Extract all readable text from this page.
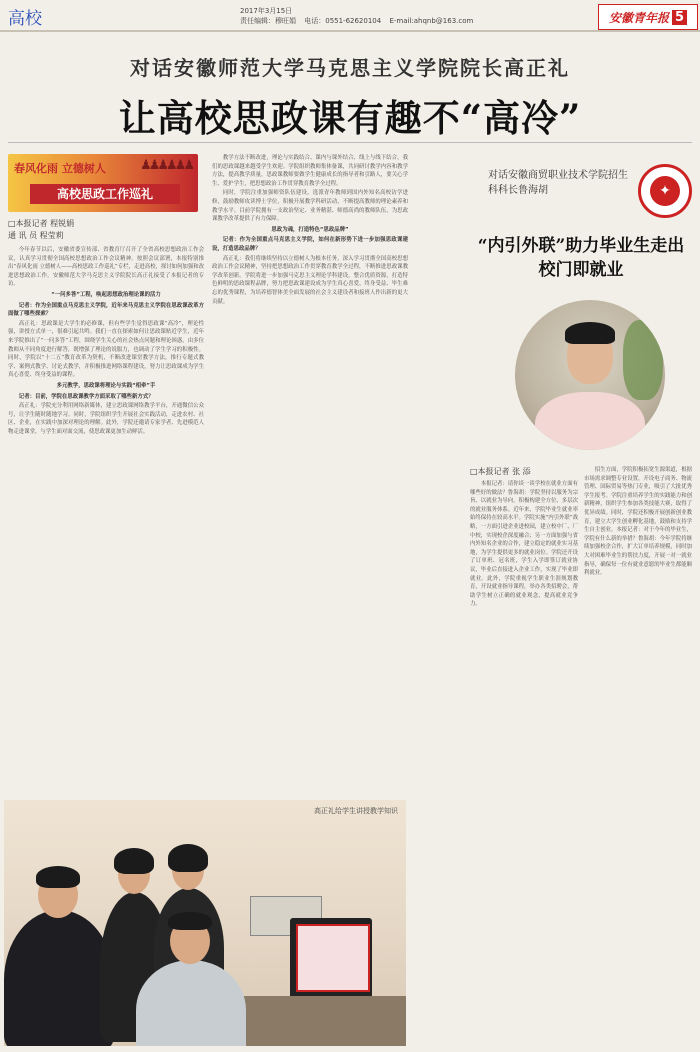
高校	2017年3月15日
责任编辑：穆旺娟 电话：0551-62620104 E-mail:ahqnb@163.com	安徽青年报 5
对话安徽师范大学马克思主义学院院长高正礼
让高校思政课有趣不“高冷”
春风化雨 立德树人	♟♟♟♟♟♟
高校思政工作巡礼
□本报记者 程锐娟
通 讯 员 程莹莉

今年春节以后，安徽省委宣传部、省教育厅召开了全省高校思想政治工作会议，认真学习贯彻全国高校思想政治工作会议精神。按照会议部署，本报特别推出“春风化雨 立德树人——高校思政工作巡礼”专栏，走进高校，探讨如何加强和改进思想政治工作。安徽师范大学马克思主义学院院长高正礼接受了本报记者的专访。

“一问多答”工程，唤起思想政治理论课的活力

记者：作为全国重点马克思主义学院，近年来马克思主义学院在思政课改革方面做了哪些探索？

高正礼：思政课是大学生的必修课，但有些学生觉得思政课“高冷”，理论性强，讲授方式单一，很难引起共鸣。我们一直在探索如何让思政课贴近学生，近年来学院推出了“一问多答”工程，围绕学生关心的社会热点问题和理论困惑，由多位教师从不同角度进行解答，既增强了理论的说服力，也调动了学生学习的积极性。同时，学院以“十二五”教育改革为契机，不断改进课堂教学方法，推行专题式教学、案例式教学、讨论式教学，并积极推进网络课程建设，努力让思政课成为学生真心喜爱、终身受益的课程。

多元教学，思政课将理论与实践“相牵”手

记者：目前，学院在思政课教学方面采取了哪些新方式？

高正礼：学院充分利用网络新媒体，建立思政课网络教学平台，开通微信公众号，让学生随时随地学习。同时，学院组织学生开展社会实践活动，走进农村、社区、企业，在实践中加深对理论的理解。此外，学院还邀请专家学者、先进模范人物走进课堂，与学生面对面交流，使思政课更加生动鲜活。

教学方法不断改进，理论与实践结合、课内与课外结合、线上与线下结合，我们的思政课越来越受学生欢迎。学院组织教师集体备课，共同研讨教学内容和教学方法，提高教学质量。思政课教师要做学生健康成长的指导者和引路人，要关心学生、爱护学生，把思想政治工作贯穿教育教学全过程。

同时，学院注重加强师资队伍建设，选派青年教师到国内外知名高校访学进修，鼓励教师攻读博士学位，积极开展教学科研活动，不断提高教师的理论素养和教学水平。目前学院拥有一支政治坚定、业务精湛、师德高尚的教师队伍，为思政课教学改革提供了有力保障。

思政为魂，打造特色“思政品牌”

记者：作为全国重点马克思主义学院，如何在新形势下进一步加强思政课建设，打造思政品牌？

高正礼：我们将继续坚持以立德树人为根本任务，深入学习贯彻全国高校思想政治工作会议精神，坚持把思想政治工作贯穿教育教学全过程，不断推进思政课教学改革创新。学院将进一步加强马克思主义理论学科建设，整合优质资源，打造特色鲜明的思政课程品牌，努力把思政课建设成为学生真心喜爱、终身受益、毕生难忘的优秀课程，为培养德智体美全面发展的社会主义建设者和接班人作出新的更大贡献。

对话安徽商贸职业技术学院招生科科长鲁海胡	✦
“内引外联”助力毕业生走出校门即就业
□本报记者 张 添

本报记者：请你谈一谈学校在就业方面有哪些好的做法？鲁海胡：学院坚持以服务为宗旨、以就业为导向，积极构建全方位、多层次的就业服务体系。近年来，学院毕业生就业率始终保持在较高水平。学院实施“内引外联”战略，一方面引进企业进校园，建立校中厂、厂中校，实现校企深度融合；另一方面加强与省内外知名企业的合作，建立稳定的就业实习基地，为学生提供更多的就业岗位。学院还开设了订单班、冠名班，学生入学即签订就业协议，毕业后直接进入企业工作，实现了毕业即就业。此外，学院重视学生职业生涯规划教育，开设就业指导课程，举办各类招聘会，帮助学生树立正确的就业观念，提高就业竞争力。

招生方面，学院积极拓宽生源渠道，根据市场需求调整专业设置，开设电子商务、物流管理、国际贸易等热门专业，吸引了大批优秀学生报考。学院注重培养学生的实践能力和创新精神，组织学生参加各类技能大赛，取得了优异成绩。同时，学院还积极开展创新创业教育，建立大学生创业孵化基地，鼓励和支持学生自主创业。本报记者：对于今年的毕业生，学院有什么新的举措？鲁海胡：今年学院将继续加强校企合作，扩大订单培养规模，同时加大对困难毕业生的帮扶力度，开展一对一就业指导，确保每一位有就业意愿的毕业生都能顺利就业。

高正礼给学生讲授教学知识
